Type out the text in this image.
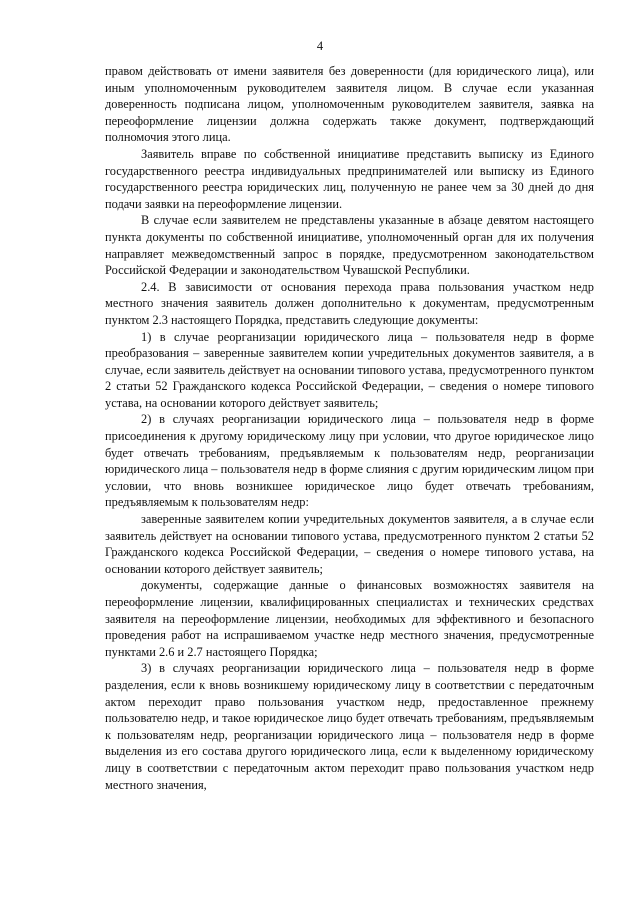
4

правом действовать от имени заявителя без доверенности (для юридического лица), или иным уполномоченным руководителем заявителя лицом. В случае если указанная доверенность подписана лицом, уполномоченным руководителем заявителя, заявка на переоформление лицензии должна содержать также документ, подтверждающий полномочия этого лица.

Заявитель вправе по собственной инициативе представить выписку из Единого государственного реестра индивидуальных предпринимателей или выписку из Единого государственного реестра юридических лиц, полученную не ранее чем за 30 дней до дня подачи заявки на переоформление лицензии.

В случае если заявителем не представлены указанные в абзаце девятом настоящего пункта документы по собственной инициативе, уполномоченный орган для их получения направляет межведомственный запрос в порядке, предусмотренном законодательством Российской Федерации и законодательством Чувашской Республики.

2.4. В зависимости от основания перехода права пользования участком недр местного значения заявитель должен дополнительно к документам, предусмотренным пунктом 2.3 настоящего Порядка, представить следующие документы:

1) в случае реорганизации юридического лица – пользователя недр в форме преобразования – заверенные заявителем копии учредительных документов заявителя, а в случае, если заявитель действует на основании типового устава, предусмотренного пунктом 2 статьи 52 Гражданского кодекса Российской Федерации, – сведения о номере типового устава, на основании которого действует заявитель;

2) в случаях реорганизации юридического лица – пользователя недр в форме присоединения к другому юридическому лицу при условии, что другое юридическое лицо будет отвечать требованиям, предъявляемым к пользователям недр, реорганизации юридического лица – пользователя недр в форме слияния с другим юридическим лицом при условии, что вновь возникшее юридическое лицо будет отвечать требованиям, предъявляемым к пользователям недр:

заверенные заявителем копии учредительных документов заявителя, а в случае если заявитель действует на основании типового устава, предусмотренного пунктом 2 статьи 52 Гражданского кодекса Российской Федерации, – сведения о номере типового устава, на основании которого действует заявитель;

документы, содержащие данные о финансовых возможностях заявителя на переоформление лицензии, квалифицированных специалистах и технических средствах заявителя на переоформление лицензии, необходимых для эффективного и безопасного проведения работ на испрашиваемом участке недр местного значения, предусмотренные пунктами 2.6 и 2.7 настоящего Порядка;

3) в случаях реорганизации юридического лица – пользователя недр в форме разделения, если к вновь возникшему юридическому лицу в соответствии с передаточным актом переходит право пользования участком недр, предоставленное прежнему пользователю недр, и такое юридическое лицо будет отвечать требованиям, предъявляемым к пользователям недр, реорганизации юридического лица – пользователя недр в форме выделения из его состава другого юридического лица, если к выделенному юридическому лицу в соответствии с передаточным актом переходит право пользования участком недр местного значения,
